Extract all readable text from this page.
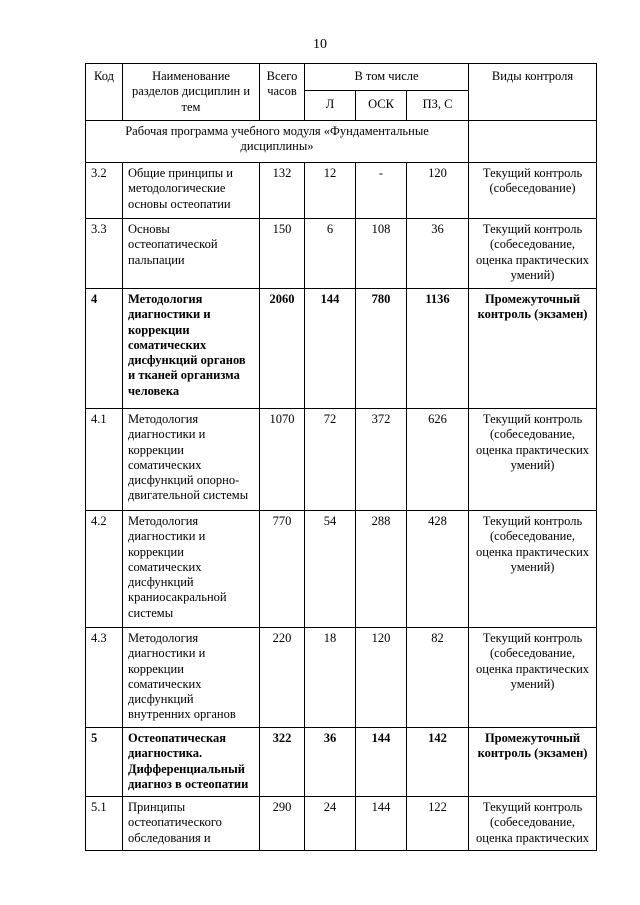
10
Код	Наименование разделов дисциплин и тем	Всего часов	В том числе			Виды контроля
			Л	ОСК	ПЗ, С	
Рабочая программа учебного модуля «Фундаментальные дисциплины»						
3.2	Общие принципы и методологические основы остеопатии	132	12	-	120	Текущий контроль (собеседование)
3.3	Основы остеопатической пальпации	150	6	108	36	Текущий контроль (собеседование, оценка практических умений)
4	Методология диагностики и коррекции соматических дисфункций органов и тканей организма человека	2060	144	780	1136	Промежуточный контроль (экзамен)
4.1	Методология диагностики и коррекции соматических дисфункций опорно-двигательной системы	1070	72	372	626	Текущий контроль (собеседование, оценка практических умений)
4.2	Методология диагностики и коррекции соматических дисфункций краниосакральной системы	770	54	288	428	Текущий контроль (собеседование, оценка практических умений)
4.3	Методология диагностики и коррекции соматических дисфункций внутренних органов	220	18	120	82	Текущий контроль (собеседование, оценка практических умений)
5	Остеопатическая диагностика. Дифференциальный диагноз в остеопатии	322	36	144	142	Промежуточный контроль (экзамен)
5.1	Принципы остеопатического обследования и	290	24	144	122	Текущий контроль (собеседование, оценка практических
